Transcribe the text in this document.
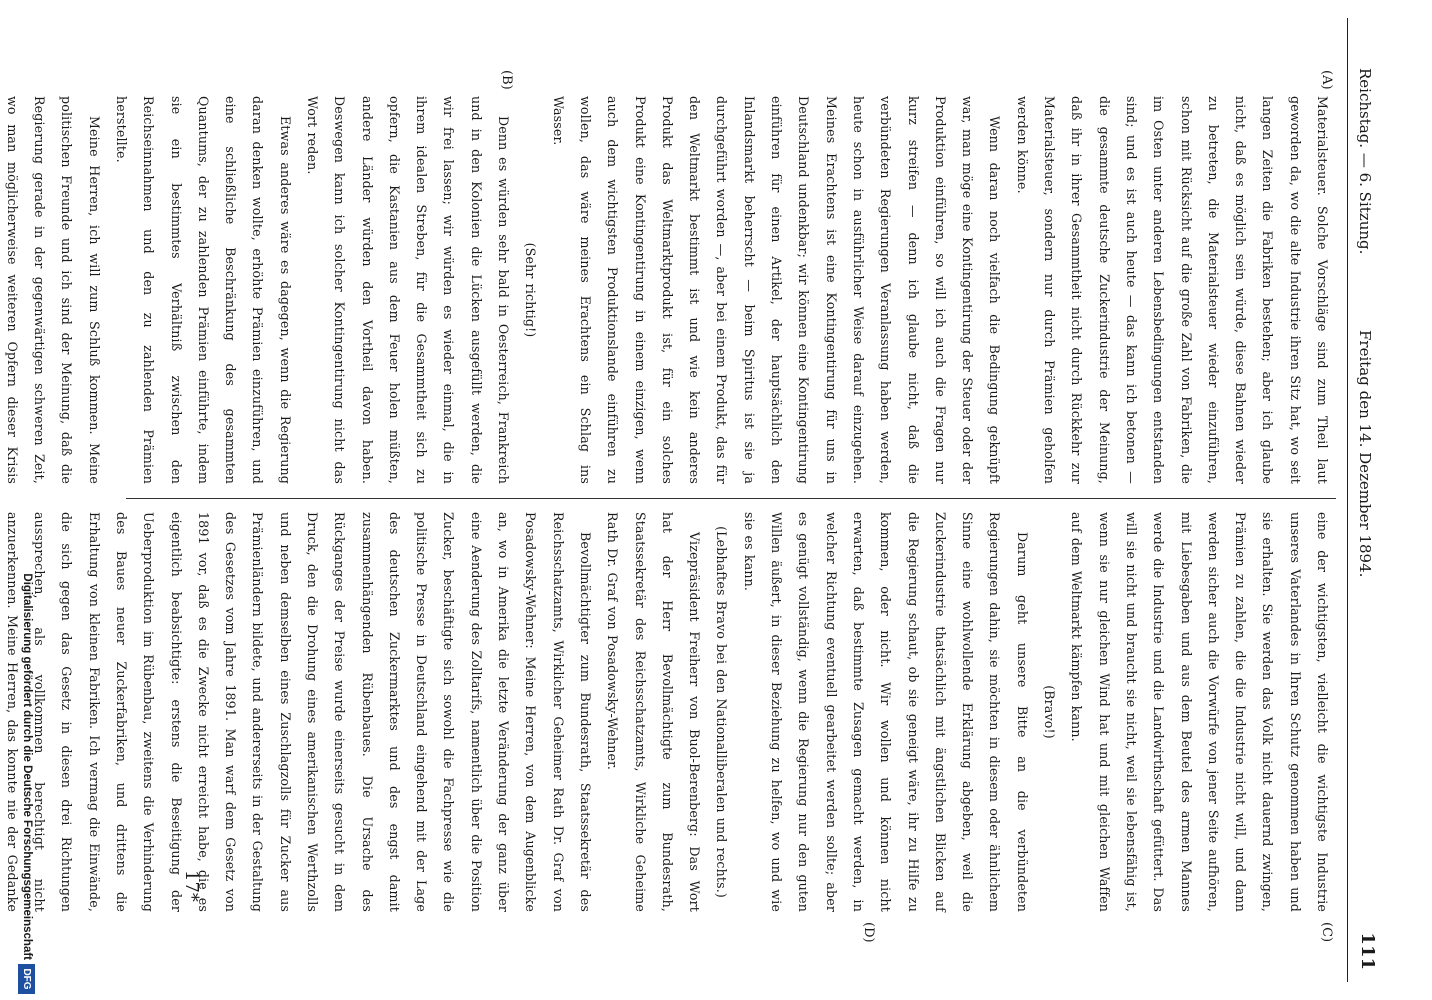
Reichstag. — 6. Sitzung.
Freitag den 14. Dezember 1894.
111
(A)
(B)
(C)
(D)

Materialsteuer. Solche Vorschläge sind zum Theil laut geworden da, wo die alte Industrie ihren Sitz hat, wo seit langen Zeiten die Fabriken bestehen; aber ich glaube nicht, daß es möglich sein würde, diese Bahnen wieder zu betreten, die Materialsteuer wieder einzuführen, schon mit Rücksicht auf die große Zahl von Fabriken, die im Osten unter anderen Lebensbedingungen entstanden sind; und es ist auch heute — das kann ich betonen — die gesammte deutsche Zuckerindustrie der Meinung, daß ihr in ihrer Gesammtheit nicht durch Rückkehr zur Materialsteuer, sondern nur durch Prämien geholfen werden könne.

Wenn daran noch vielfach die Bedingung geknüpft war, man möge eine Kontingentirung der Steuer oder der Produktion einführen, so will ich auch die Fragen nur kurz streifen — denn ich glaube nicht, daß die verbündeten Regierungen Veranlassung haben werden, heute schon in ausführlicher Weise darauf einzugehen. Meines Erachtens ist eine Kontingentirung für uns in Deutschland undenkbar; wir können eine Kontingentirung einführen für einen Artikel, der hauptsächlich den Inlandsmarkt beherrscht — beim Spiritus ist sie ja durchgeführt worden —, aber bei einem Produkt, das für den Weltmarkt bestimmt ist und wie kein anderes Produkt das Weltmarktprodukt ist, für ein solches Produkt eine Kontingentirung in einem einzigen, wenn auch dem wichtigsten Produktionslande einführen zu wollen, das wäre meines Erachtens ein Schlag ins Wasser.

(Sehr richtig!)

Denn es würden sehr bald in Oesterreich, Frankreich und in den Kolonien die Lücken ausgefüllt werden, die wir frei lassen; wir würden es wieder einmal, die in ihrem idealen Streben, für die Gesammtheit sich zu opfern, die Kastanien aus dem Feuer holen müßten, andere Länder würden den Vortheil davon haben. Deswegen kann ich solcher Kontingentirung nicht das Wort reden.

Etwas anderes wäre es dagegen, wenn die Regierung daran denken wollte, erhöhte Prämien einzuführen, und eine schließliche Beschränkung des gesammten Quantums, der zu zahlenden Prämien einführte, indem sie ein bestimmtes Verhältniß zwischen den Reichseinnahmen und den zu zahlenden Prämien herstellte.

Meine Herren, ich will zum Schluß kommen. Meine politischen Freunde und ich sind der Meinung, daß die Regierung gerade in der gegenwärtigen schweren Zeit, wo man möglicherweise weiteren Opfern dieser Krisis

eine der wichtigsten, vielleicht die wichtigste Industrie unseres Vaterlandes in Ihren Schutz genommen haben und sie erhalten. Sie werden das Volk nicht dauernd zwingen, Prämien zu zahlen, die die Industrie nicht will, und dann werden sicher auch die Vorwürfe von jener Seite aufhören, mit Liebesgaben und aus dem Beutel des armen Mannes werde die Industrie und die Landwirthschaft gefüttert. Das will sie nicht und braucht sie nicht, weil sie lebensfähig ist, wenn sie nur gleichen Wind hat und mit gleichen Waffen auf dem Weltmarkt kämpfen kann.

(Bravo!)

Darum geht unsere Bitte an die verbündeten Regierungen dahin, sie möchten in diesem oder ähnlichem Sinne eine wohlwollende Erklärung abgeben, weil die Zuckerindustrie thatsächlich mit ängstlichen Blicken auf die Regierung schaut, ob sie geneigt wäre, ihr zu Hilfe zu kommen, oder nicht. Wir wollen und können nicht erwarten, daß bestimmte Zusagen gemacht werden, in welcher Richtung eventuell gearbeitet werden sollte; aber es genügt vollständig, wenn die Regierung nur den guten Willen äußert, in dieser Beziehung zu helfen, wo und wie sie es kann.

(Lebhaftes Bravo bei den Nationalliberalen und rechts.)

Vizepräsident Freiherr von Buol-Berenberg: Das Wort hat der Herr Bevollmächtigte zum Bundesrath, Staatssekretär des Reichsschatzamts, Wirkliche Geheime Rath Dr. Graf von Posadowsky-Wehner.

Bevollmächtigter zum Bundesrath, Staatssekretär des Reichsschatzamts, Wirklicher Geheimer Rath Dr. Graf von Posadowsky-Wehner: Meine Herren, von dem Augenblicke an, wo in Amerika die letzte Veränderung der ganz über eine Aenderung des Zolltarifs, namentlich über die Position Zucker, beschäftigte sich sowohl die Fachpresse wie die politische Presse in Deutschland eingehend mit der Lage des deutschen Zuckermarktes und des engst damit zusammenhängenden Rübenbaues. Die Ursache des Rückganges der Preise wurde einerseits gesucht in dem Druck, den die Drohung eines amerikanischen Werthzolls und neben demselben eines Zuschlagzolls für Zucker aus Prämienländern bildete, und andererseits in der Gestaltung des Gesetzes vom Jahre 1891. Man warf dem Gesetz von 1891 vor, daß es die Zwecke nicht erreicht habe, die es eigentlich beabsichtigte: erstens die Beseitigung der Ueberproduktion im Rübenbau, zweitens die Verhinderung des Baues neuer Zuckerfabriken, und drittens die Erhaltung von kleinen Fabriken. Ich vermag die Einwände, die sich gegen das Gesetz in diesen drei Richtungen aussprechen, als vollkommen berechtigt nicht anzuerkennen. Meine Herren, das konnte nie der Gedanke	17*
Digitalisierung gefördert durch die Deutsche Forschungsgemeinschaft
DFG
